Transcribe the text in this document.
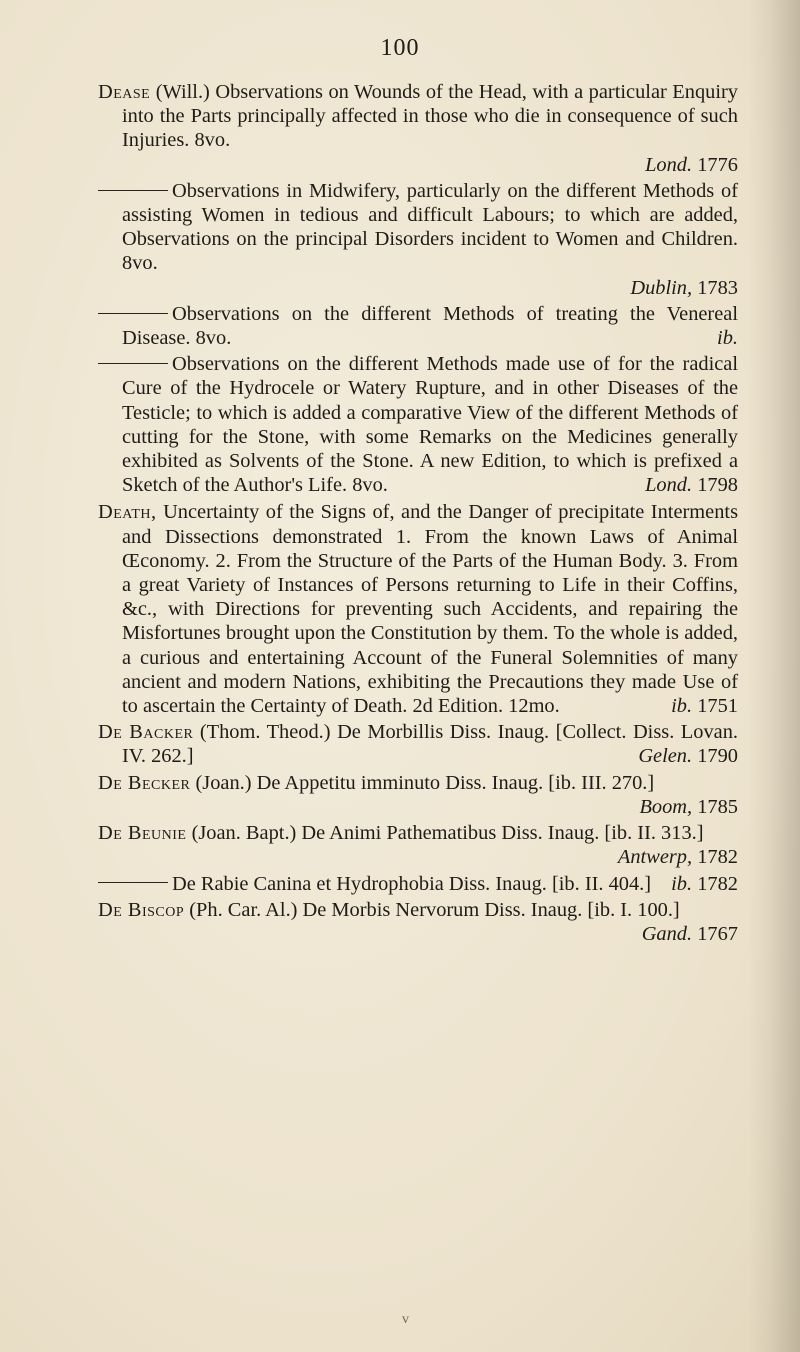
100

Dease (Will.) Observations on Wounds of the Head, with a particular Enquiry into the Parts principally affected in those who die in consequence of such Injuries. 8vo.
Lond. 1776

Observations in Midwifery, particularly on the different Methods of assisting Women in tedious and difficult Labours; to which are added, Observations on the principal Disorders incident to Women and Children. 8vo.
Dublin, 1783

Observations on the different Methods of treating the Venereal Disease. 8vo.	ib.

Observations on the different Methods made use of for the radical Cure of the Hydrocele or Watery Rupture, and in other Diseases of the Testicle; to which is added a comparative View of the different Methods of cutting for the Stone, with some Remarks on the Medicines generally exhibited as Solvents of the Stone. A new Edition, to which is prefixed a Sketch of the Author's Life. 8vo.	Lond. 1798

Death, Uncertainty of the Signs of, and the Danger of precipitate Interments and Dissections demonstrated 1. From the known Laws of Animal Œconomy. 2. From the Structure of the Parts of the Human Body. 3. From a great Variety of Instances of Persons returning to Life in their Coffins, &c., with Directions for preventing such Accidents, and repairing the Misfortunes brought upon the Constitution by them. To the whole is added, a curious and entertaining Account of the Funeral Solemnities of many ancient and modern Nations, exhibiting the Precautions they made Use of to ascertain the Certainty of Death. 2d Edition. 12mo.	ib. 1751

De Backer (Thom. Theod.) De Morbillis Diss. Inaug. [Collect. Diss. Lovan. IV. 262.]	Gelen. 1790

De Becker (Joan.) De Appetitu imminuto Diss. Inaug. [ib. III. 270.]
Boom, 1785

De Beunie (Joan. Bapt.) De Animi Pathematibus Diss. Inaug. [ib. II. 313.]
Antwerp, 1782

De Rabie Canina et Hydrophobia Diss. Inaug. [ib. II. 404.] ib. 1782

De Biscop (Ph. Car. Al.) De Morbis Nervorum Diss. Inaug. [ib. I. 100.]
Gand. 1767

v
